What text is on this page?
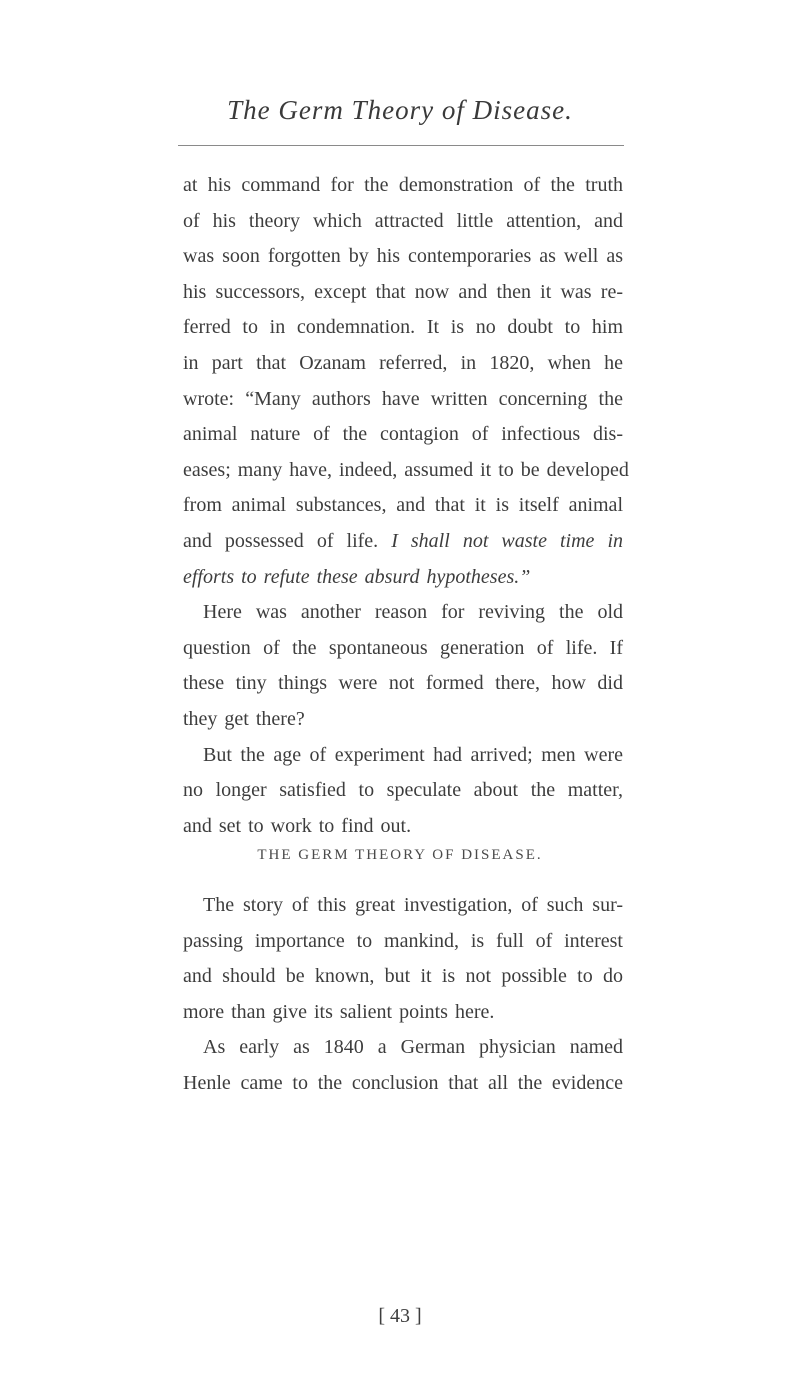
The Germ Theory of Disease.
at his command for the demonstration of the truth
of his theory which attracted little attention, and
was soon forgotten by his contemporaries as well as
his successors, except that now and then it was re-
ferred to in condemnation. It is no doubt to him
in part that Ozanam referred, in 1820, when he
wrote: “Many authors have written concerning the
animal nature of the contagion of infectious dis-
eases; many have, indeed, assumed it to be developed
from animal substances, and that it is itself animal
and possessed of life. I shall not waste time in
efforts to refute these absurd hypotheses.”
Here was another reason for reviving the old
question of the spontaneous generation of life. If
these tiny things were not formed there, how did
they get there?
But the age of experiment had arrived; men were
no longer satisfied to speculate about the matter,
and set to work to find out.
THE GERM THEORY OF DISEASE.
The story of this great investigation, of such sur-
passing importance to mankind, is full of interest
and should be known, but it is not possible to do
more than give its salient points here.
As early as 1840 a German physician named
Henle came to the conclusion that all the evidence
[ 43 ]
